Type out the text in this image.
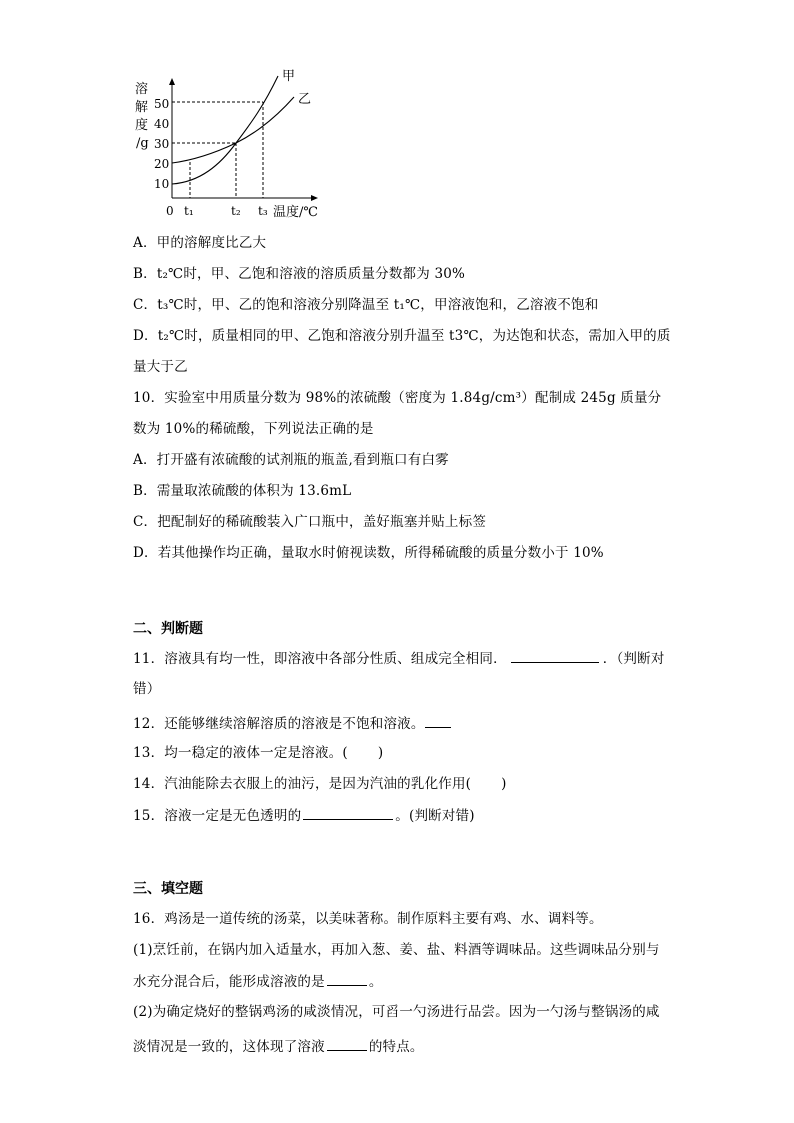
溶
解
度
/g
10
20
30
40
50
0 t₁	t₂ t₃ 温度/℃
甲
乙
A．甲的溶解度比乙大
B．t₂℃时，甲、乙饱和溶液的溶质质量分数都为 30%
C．t₃℃时，甲、乙的饱和溶液分别降温至 t₁℃，甲溶液饱和，乙溶液不饱和
D．t₂℃时，质量相同的甲、乙饱和溶液分别升温至 t3℃，为达饱和状态，需加入甲的质
量大于乙
10．实验室中用质量分数为 98%的浓硫酸（密度为 1.84g/cm³）配制成 245g 质量分
数为 10%的稀硫酸，下列说法正确的是
A．打开盛有浓硫酸的试剂瓶的瓶盖,看到瓶口有白雾
B．需量取浓硫酸的体积为 13.6mL
C．把配制好的稀硫酸装入广口瓶中，盖好瓶塞并贴上标签
D．若其他操作均正确，量取水时俯视读数，所得稀硫酸的质量分数小于 10%
二、判断题
11．溶液具有均一性，即溶液中各部分性质、组成完全相同．	．（判断对
错）
12．还能够继续溶解溶质的溶液是不饱和溶液。
13．均一稳定的液体一定是溶液。( )
14．汽油能除去衣服上的油污，是因为汽油的乳化作用( )
15．溶液一定是无色透明的	。(判断对错)
三、填空题
16．鸡汤是一道传统的汤菜，以美味著称。制作原料主要有鸡、水、调料等。
(1)烹饪前，在锅内加入适量水，再加入葱、姜、盐、料酒等调味品。这些调味品分别与
水充分混合后，能形成溶液的是	。
(2)为确定烧好的整锅鸡汤的咸淡情况，可舀一勺汤进行品尝。因为一勺汤与整锅汤的咸
淡情况是一致的，这体现了溶液	的特点。
